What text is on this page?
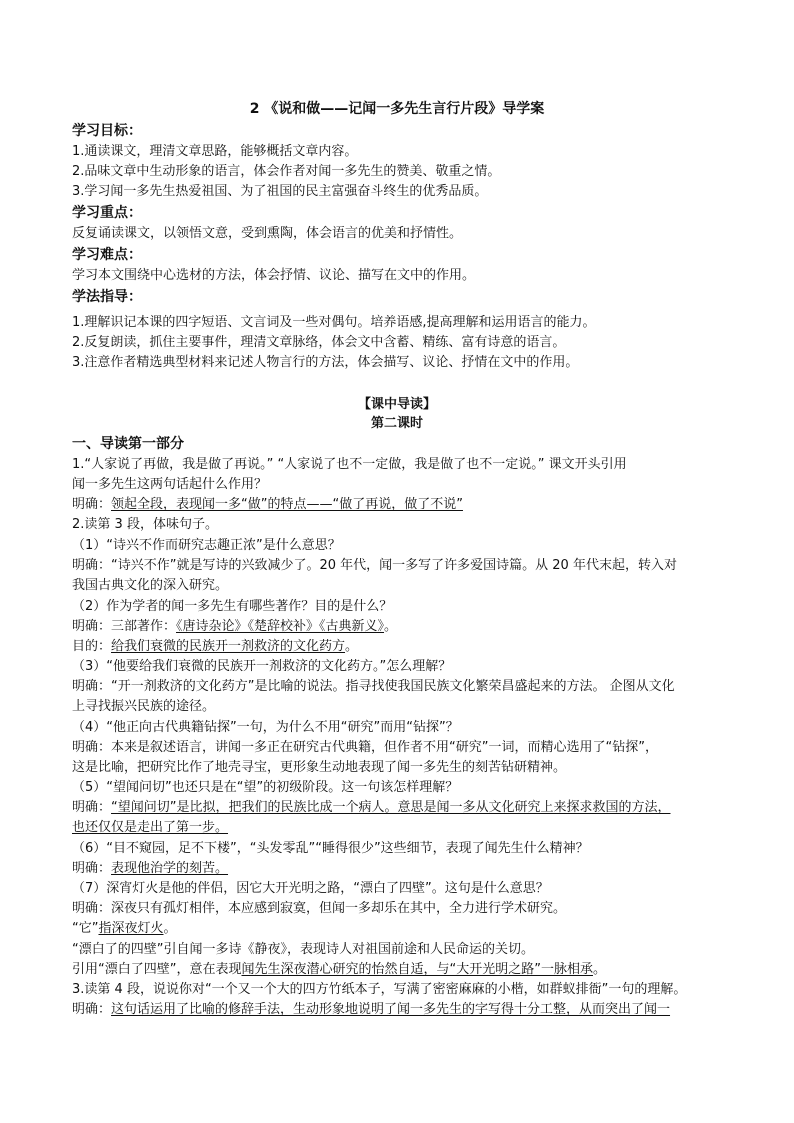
2 《说和做——记闻一多先生言行片段》导学案
学习目标：
1.通读课文，理清文章思路，能够概括文章内容。
2.品味文章中生动形象的语言，体会作者对闻一多先生的赞美、敬重之情。
3.学习闻一多先生热爱祖国、为了祖国的民主富强奋斗终生的优秀品质。
学习重点：
反复诵读课文，以领悟文意，受到熏陶，体会语言的优美和抒情性。
学习难点：
学习本文围绕中心选材的方法，体会抒情、议论、描写在文中的作用。
学法指导：
1.理解识记本课的四字短语、文言词及一些对偶句。培养语感,提高理解和运用语言的能力。
2.反复朗读，抓住主要事件，理清文章脉络，体会文中含蓄、精练、富有诗意的语言。
3.注意作者精选典型材料来记述人物言行的方法，体会描写、议论、抒情在文中的作用。
【课中导读】
第二课时
一、导读第一部分
1.“人家说了再做，我是做了再说。” “人家说了也不一定做，我是做了也不一定说。” 课文开头引用
闻一多先生这两句话起什么作用？
明确：领起全段，表现闻一多“做”的特点——“做了再说，做了不说”
2.读第 3 段，体味句子。
（1）“诗兴不作而研究志趣正浓”是什么意思？
明确：“诗兴不作”就是写诗的兴致减少了。20 年代，闻一多写了许多爱国诗篇。从 20 年代末起，转入对
我国古典文化的深入研究。
（2）作为学者的闻一多先生有哪些著作？目的是什么？
明确：三部著作：《唐诗杂论》《楚辞校补》《古典新义》。
目的：给我们衰微的民族开一剂救济的文化药方。
（3）“他要给我们衰微的民族开一剂救济的文化药方。”怎么理解？
明确：“开一剂救济的文化药方”是比喻的说法。指寻找使我国民族文化繁荣昌盛起来的方法。 企图从文化
上寻找振兴民族的途径。
（4）“他正向古代典籍钻探”一句，为什么不用“研究”而用“钻探”？
明确：本来是叙述语言，讲闻一多正在研究古代典籍，但作者不用“研究”一词，而精心选用了“钻探”，
这是比喻，把研究比作了地壳寻宝，更形象生动地表现了闻一多先生的刻苦钻研精神。
（5）“望闻问切”也还只是在“望”的初级阶段。这一句该怎样理解？
明确：“望闻问切”是比拟，把我们的民族比成一个病人。意思是闻一多从文化研究上来探求救国的方法，
也还仅仅是走出了第一步。
（6）“目不窥园，足不下楼”，“头发零乱”“睡得很少”这些细节，表现了闻先生什么精神？
明确：表现他治学的刻苦。
（7）深宵灯火是他的伴侣，因它大开光明之路，“漂白了四壁”。这句是什么意思？
明确：深夜只有孤灯相伴，本应感到寂寞，但闻一多却乐在其中，全力进行学术研究。
“它”指深夜灯火。
“漂白了的四壁”引自闻一多诗《静夜》，表现诗人对祖国前途和人民命运的关切。
引用“漂白了四壁”，意在表现闻先生深夜潜心研究的怡然自适，与“大开光明之路”一脉相承。
3.读第 4 段，说说你对“一个又一个大的四方竹纸本子，写满了密密麻麻的小楷，如群蚁排衙”一句的理解。
明确：这句话运用了比喻的修辞手法，生动形象地说明了闻一多先生的字写得十分工整，从而突出了闻一
